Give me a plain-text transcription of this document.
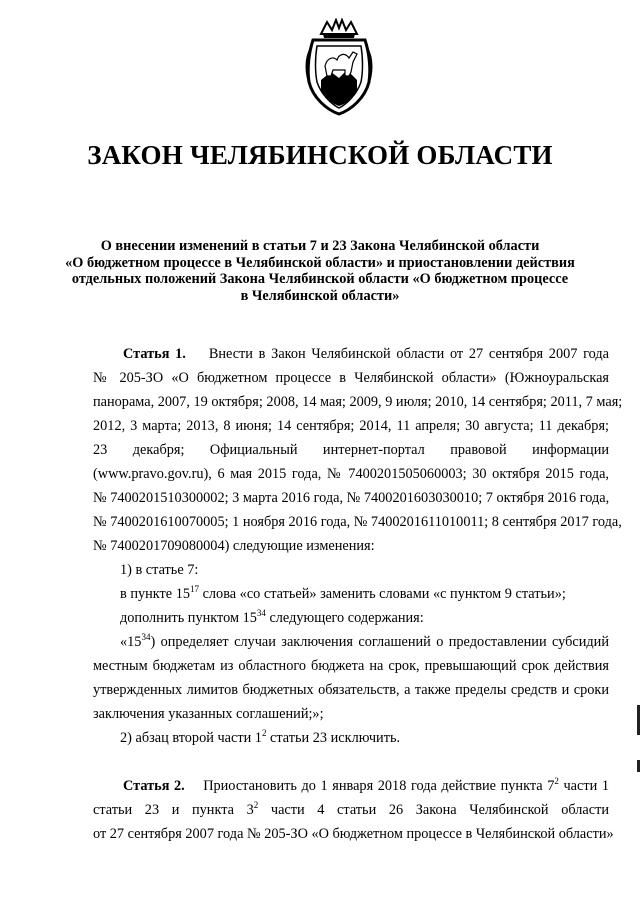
ЗАКОН ЧЕЛЯБИНСКОЙ ОБЛАСТИ
О внесении изменений в статьи 7 и 23 Закона Челябинской области
«О бюджетном процессе в Челябинской области» и приостановлении действия
отдельных положений Закона Челябинской области «О бюджетном процессе
в Челябинской области»
Статья 1. Внести в Закон Челябинской области от 27 сентября 2007 года
№ 205-ЗО «О бюджетном процессе в Челябинской области» (Южноуральская
панорама, 2007, 19 октября; 2008, 14 мая; 2009, 9 июля; 2010, 14 сентября; 2011, 7 мая;
2012, 3 марта; 2013, 8 июня; 14 сентября; 2014, 11 апреля; 30 августа; 11 декабря;
23 декабря; Официальный интернет-портал правовой информации
(www.pravo.gov.ru), 6 мая 2015 года, № 7400201505060003; 30 октября 2015 года,
№ 7400201510300002; 3 марта 2016 года, № 7400201603030010; 7 октября 2016 года,
№ 7400201610070005; 1 ноября 2016 года, № 7400201611010011; 8 сентября 2017 года,
№ 7400201709080004) следующие изменения:
1) в статье 7:
в пункте $15^{17}$ слова «со статьей» заменить словами «с пунктом 9 статьи»;
дополнить пунктом $15^{34}$ следующего содержания:
«$15^{34}$) определяет случаи заключения соглашений о предоставлении субсидий
местным бюджетам из областного бюджета на срок, превышающий срок действия
утвержденных лимитов бюджетных обязательств, а также пределы средств и сроки
заключения указанных соглашений;»;
2) абзац второй части $1^2$ статьи 23 исключить.
Статья 2. Приостановить до 1 января 2018 года действие пункта $7^2$ части 1
статьи 23 и пункта $3^2$ части 4 статьи 26 Закона Челябинской области
от 27 сентября 2007 года № 205-ЗО «О бюджетном процессе в Челябинской области»
